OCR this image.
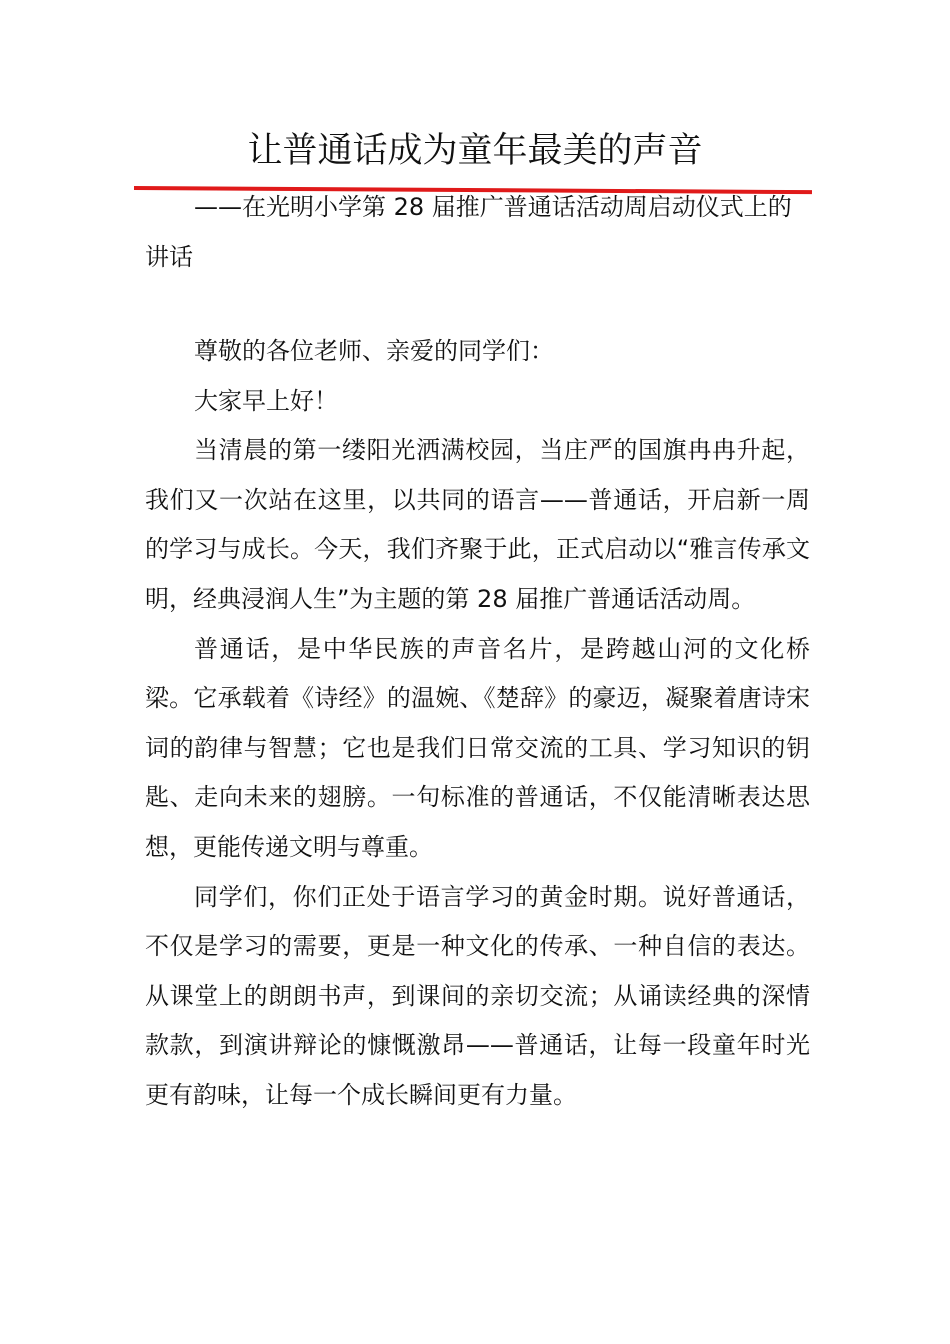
让普通话成为童年最美的声音

——在光明小学第 28 届推广普通话活动周启动仪式上的讲话

尊敬的各位老师、亲爱的同学们：

大家早上好！

当清晨的第一缕阳光洒满校园，当庄严的国旗冉冉升起，我们又一次站在这里，以共同的语言——普通话，开启新一周的学习与成长。今天，我们齐聚于此，正式启动以“雅言传承文明，经典浸润人生”为主题的第 28 届推广普通话活动周。

普通话，是中华民族的声音名片，是跨越山河的文化桥梁。它承载着《诗经》的温婉、《楚辞》的豪迈，凝聚着唐诗宋词的韵律与智慧；它也是我们日常交流的工具、学习知识的钥匙、走向未来的翅膀。一句标准的普通话，不仅能清晰表达思想，更能传递文明与尊重。

同学们，你们正处于语言学习的黄金时期。说好普通话，不仅是学习的需要，更是一种文化的传承、一种自信的表达。从课堂上的朗朗书声，到课间的亲切交流；从诵读经典的深情款款，到演讲辩论的慷慨激昂——普通话，让每一段童年时光更有韵味，让每一个成长瞬间更有力量。
